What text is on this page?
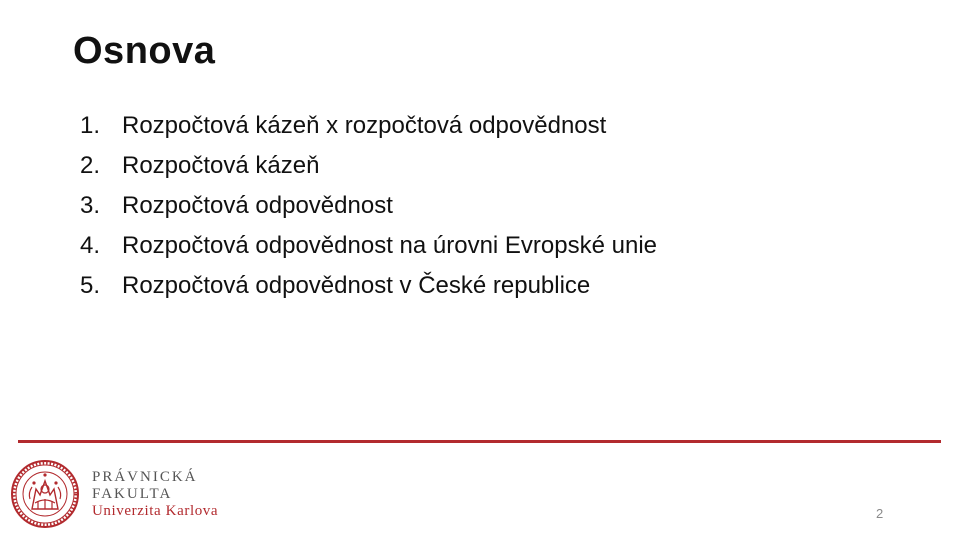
Osnova
1. Rozpočtová kázeň x rozpočtová odpovědnost
2. Rozpočtová kázeň
3. Rozpočtová odpovědnost
4. Rozpočtová odpovědnost na úrovni Evropské unie
5. Rozpočtová odpovědnost v České republice
PRÁVNICKÁ
FAKULTA
Univerzita Karlova	2
